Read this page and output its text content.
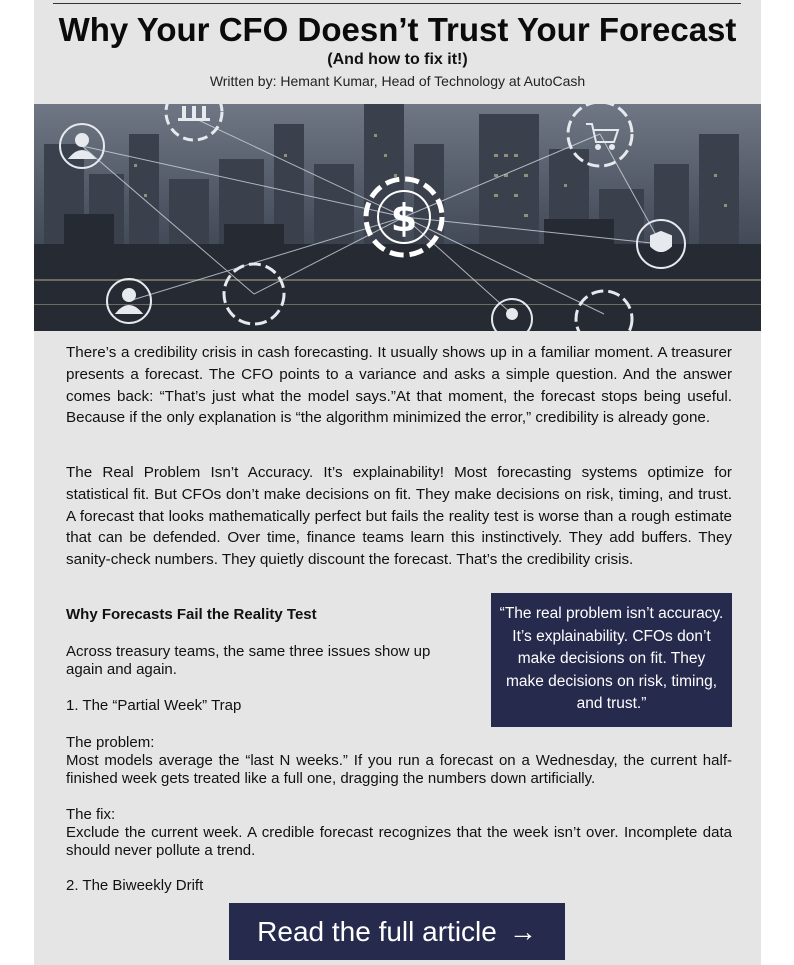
Why Your CFO Doesn’t Trust Your Forecast
(And how to fix it!)
Written by: Hemant Kumar, Head of Technology at AutoCash
$

There’s a credibility crisis in cash forecasting. It usually shows up in a familiar moment. A treasurer presents a forecast. The CFO points to a variance and asks a simple question. And the answer comes back: “That’s just what the model says.”At that moment, the forecast stops being useful. Because if the only explanation is “the algorithm minimized the error,” credibility is already gone.

The Real Problem Isn’t Accuracy. It’s explainability! Most forecasting systems optimize for statistical fit. But CFOs don’t make decisions on fit. They make decisions on risk, timing, and trust. A forecast that looks mathematically perfect but fails the reality test is worse than a rough estimate that can be defended. Over time, finance teams learn this instinctively. They add buffers. They sanity-check numbers. They quietly discount the forecast. That’s the credibility crisis.

Why Forecasts Fail the Reality Test
Across treasury teams, the same three issues show up again and again.
1. The “Partial Week” Trap
“The real problem isn’t accuracy. It’s explainability. CFOs don’t make decisions on fit. They make decisions on risk, timing, and trust.”
The problem:
Most models average the “last N weeks.” If you run a forecast on a Wednesday, the current half-finished week gets treated like a full one, dragging the numbers down artificially.
The fix:
Exclude the current week. A credible forecast recognizes that the week isn’t over. Incomplete data should never pollute a trend.
2. The Biweekly Drift
Read the full article →
